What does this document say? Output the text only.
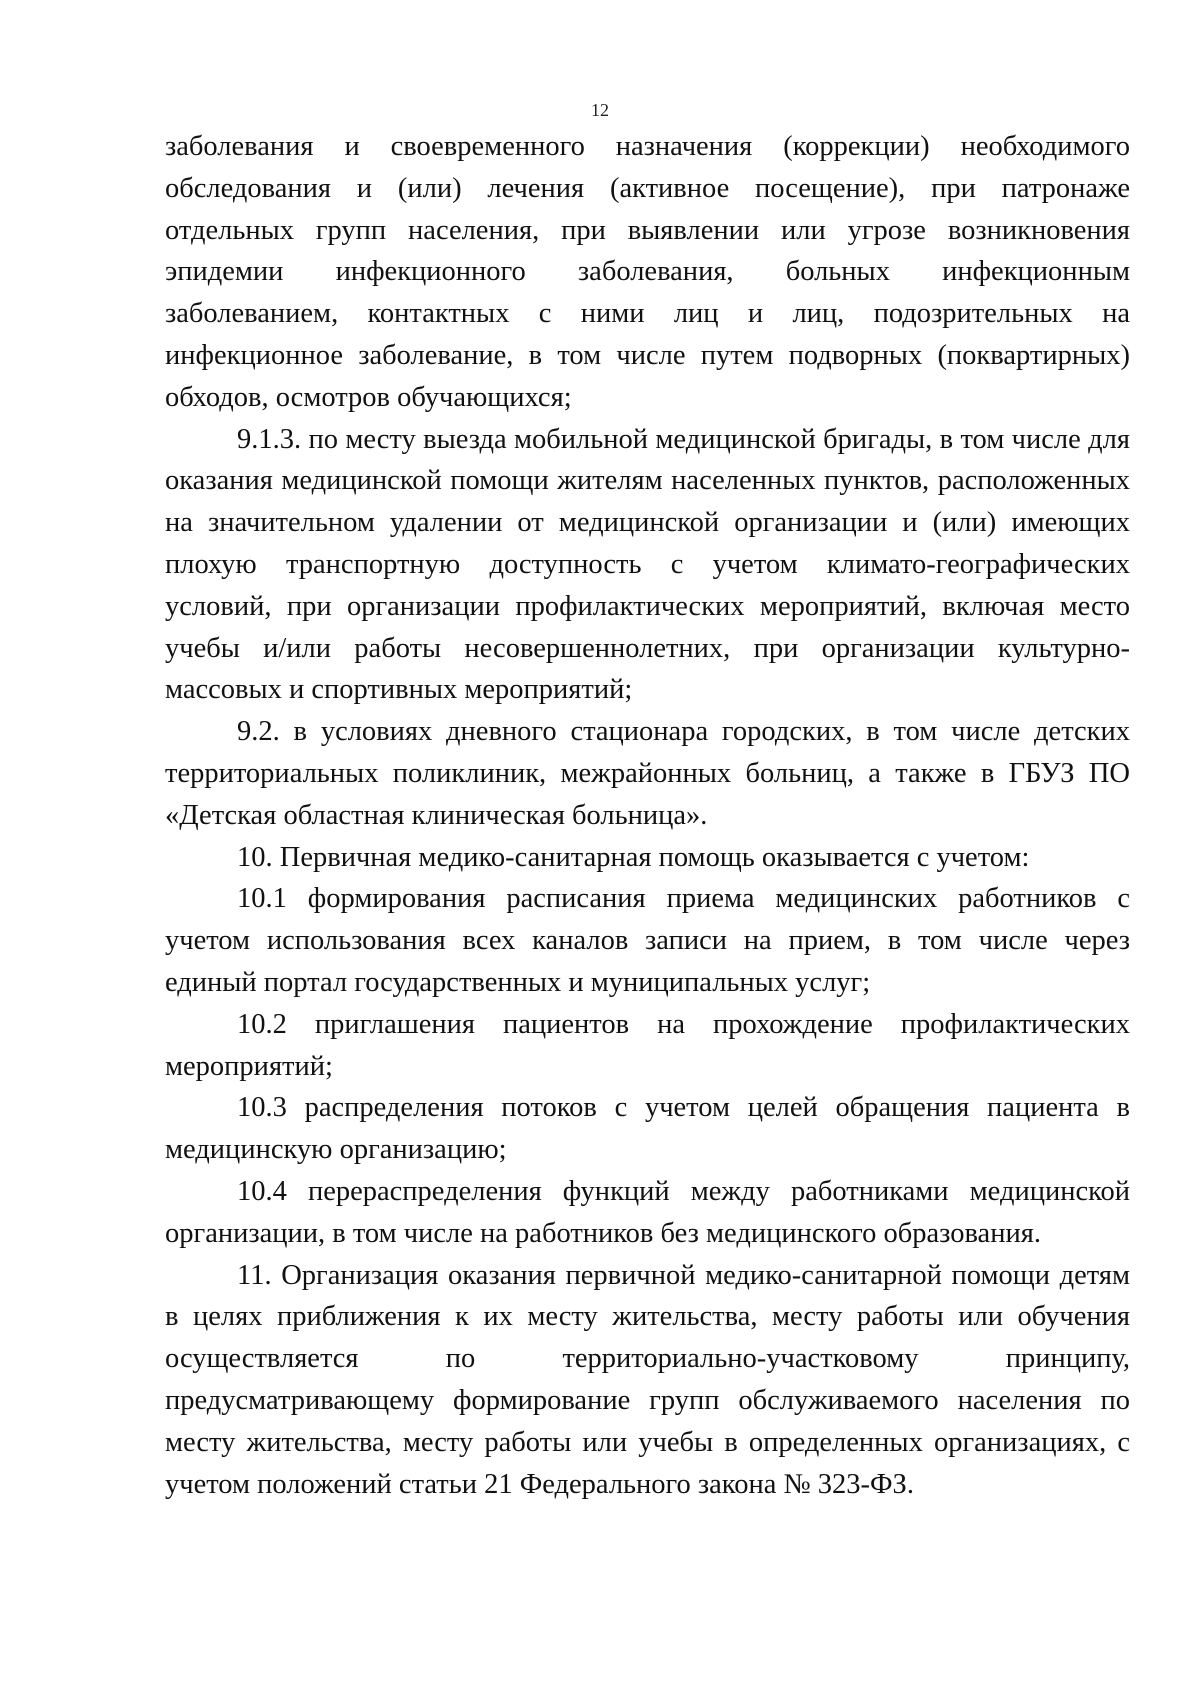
12

заболевания и своевременного назначения (коррекции) необходимого обследования и (или) лечения (активное посещение), при патронаже отдельных групп населения, при выявлении или угрозе возникновения эпидемии инфекционного заболевания, больных инфекционным заболеванием, контактных с ними лиц и лиц, подозрительных на инфекционное заболевание, в том числе путем подворных (поквартирных) обходов, осмотров обучающихся;

9.1.3. по месту выезда мобильной медицинской бригады, в том числе для оказания медицинской помощи жителям населенных пунктов, расположенных на значительном удалении от медицинской организации и (или) имеющих плохую транспортную доступность с учетом климато-географических условий, при организации профилактических мероприятий, включая место учебы и/или работы несовершеннолетних, при организации культурно-массовых и спортивных мероприятий;

9.2. в условиях дневного стационара городских, в том числе детских территориальных поликлиник, межрайонных больниц, а также в ГБУЗ ПО «Детская областная клиническая больница».

10. Первичная медико-санитарная помощь оказывается с учетом:

10.1 формирования расписания приема медицинских работников с учетом использования всех каналов записи на прием, в том числе через единый портал государственных и муниципальных услуг;

10.2 приглашения пациентов на прохождение профилактических мероприятий;

10.3 распределения потоков с учетом целей обращения пациента в медицинскую организацию;

10.4 перераспределения функций между работниками медицинской организации, в том числе на работников без медицинского образования.

11. Организация оказания первичной медико-санитарной помощи детям в целях приближения к их месту жительства, месту работы или обучения осуществляется по территориально-участковому принципу, предусматривающему формирование групп обслуживаемого населения по месту жительства, месту работы или учебы в определенных организациях, с учетом положений статьи 21 Федерального закона № 323-ФЗ.
